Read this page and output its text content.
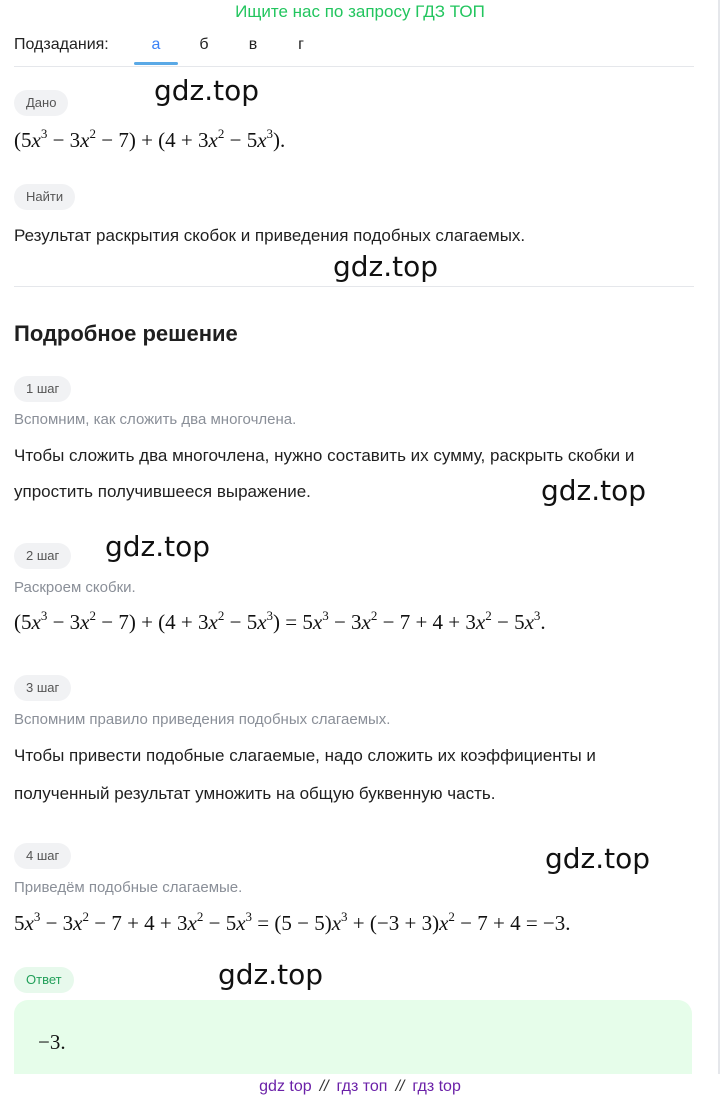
Ищите нас по запросу ГДЗ ТОП
Подзадания:	а	б	в	г
Дано
$(5x^3 - 3x^2 - 7) + (4 + 3x^2 - 5x^3)$.
Найти
Результат раскрытия скобок и приведения подобных слагаемых.
Подробное решение
1 шаг
Вспомним, как сложить два многочлена.
Чтобы сложить два многочлена, нужно составить их сумму, раскрыть скобки и
упростить получившееся выражение.
2 шаг
Раскроем скобки.
$(5x^3 - 3x^2 - 7) + (4 + 3x^2 - 5x^3) = 5x^3 - 3x^2 - 7 + 4 + 3x^2 - 5x^3$.
3 шаг
Вспомним правило приведения подобных слагаемых.
Чтобы привести подобные слагаемые, надо сложить их коэффициенты и
полученный результат умножить на общую буквенную часть.
4 шаг
Приведём подобные слагаемые.
$5x^3 - 3x^2 - 7 + 4 + 3x^2 - 5x^3 = (5 - 5)x^3 + (-3 + 3)x^2 - 7 + 4 = -3$.
Ответ
−3.
gdz.top
gdz.top
gdz.top
gdz.top
gdz.top
gdz.top
gdz top // гдз топ // гдз top
